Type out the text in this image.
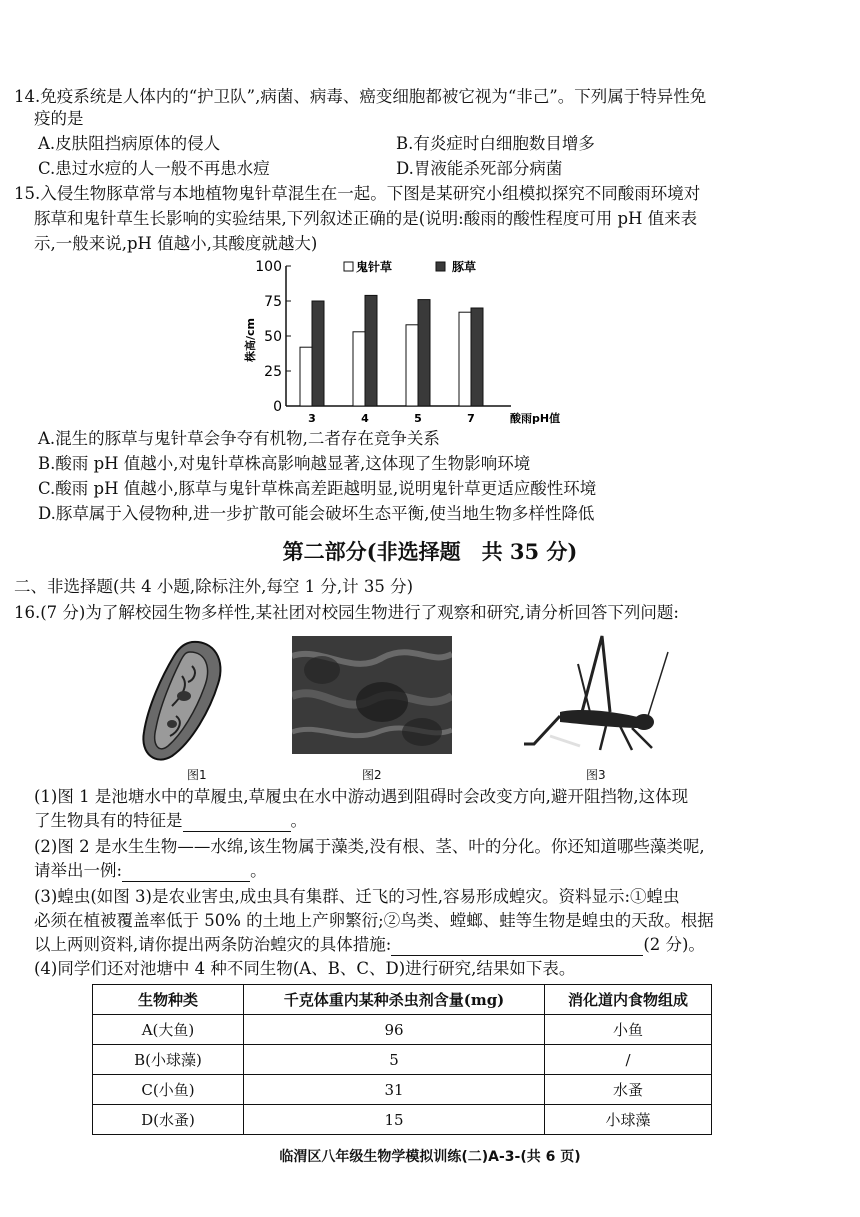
14.免疫系统是人体内的“护卫队”,病菌、病毒、癌变细胞都被它视为“非己”。下列属于特异性免
疫的是
A.皮肤阻挡病原体的侵人	B.有炎症时白细胞数目增多
C.患过水痘的人一般不再患水痘	D.胃液能杀死部分病菌
15.入侵生物豚草常与本地植物鬼针草混生在一起。下图是某研究小组模拟探究不同酸雨环境对
豚草和鬼针草生长影响的实验结果,下列叙述正确的是(说明:酸雨的酸性程度可用 pH 值来表
示,一般来说,pH 值越小,其酸度就越大)
0
25
50
75
100
株高/cm
3	4	5	7	酸雨pH值
鬼针草	豚草
A.混生的豚草与鬼针草会争夺有机物,二者存在竞争关系
B.酸雨 pH 值越小,对鬼针草株高影响越显著,这体现了生物影响环境
C.酸雨 pH 值越小,豚草与鬼针草株高差距越明显,说明鬼针草更适应酸性环境
D.豚草属于入侵物种,进一步扩散可能会破坏生态平衡,使当地生物多样性降低
第二部分(非选择题　共 35 分)
二、非选择题(共 4 小题,除标注外,每空 1 分,计 35 分)
16.(7 分)为了解校园生物多样性,某社团对校园生物进行了观察和研究,请分析回答下列问题:
图1	图2	图3
(1)图 1 是池塘水中的草履虫,草履虫在水中游动遇到阻碍时会改变方向,避开阻挡物,这体现
了生物具有的特征是	。
(2)图 2 是水生生物——水绵,该生物属于藻类,没有根、茎、叶的分化。你还知道哪些藻类呢,
请举出一例:	。
(3)蝗虫(如图 3)是农业害虫,成虫具有集群、迁飞的习性,容易形成蝗灾。资料显示:①蝗虫
必须在植被覆盖率低于 50% 的土地上产卵繁衍;②鸟类、螳螂、蛙等生物是蝗虫的天敌。根据
以上两则资料,请你提出两条防治蝗灾的具体措施:	(2 分)。
(4)同学们还对池塘中 4 种不同生物(A、B、C、D)进行研究,结果如下表。
生物种类	千克体重内某种杀虫剂含量(mg)	消化道内食物组成
A(大鱼)	96	小鱼
B(小球藻)	5	/
C(小鱼)	31	水蚤
D(水蚤)	15	小球藻
临渭区八年级生物学模拟训练(二)A-3-(共 6 页)
